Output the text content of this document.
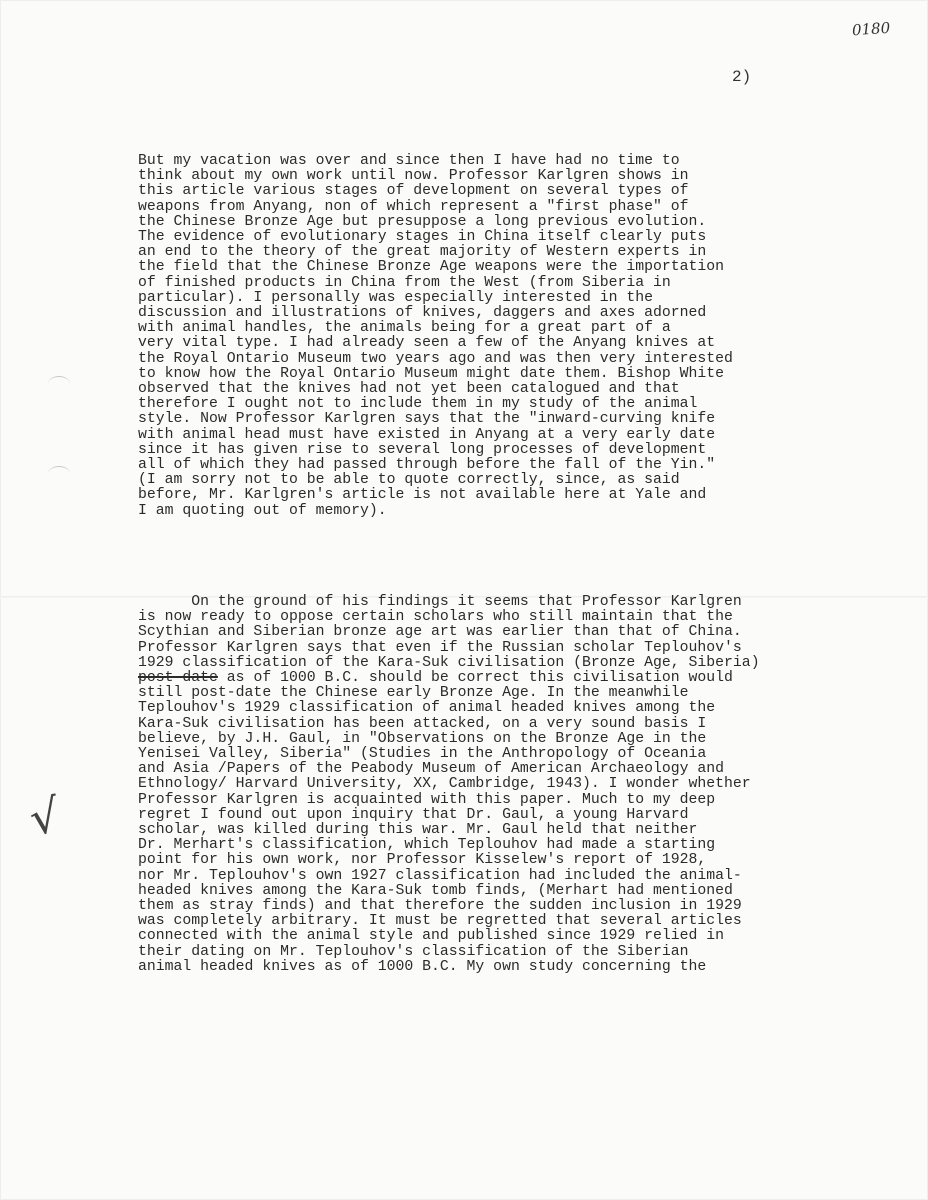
0180
2)
But my vacation was over and since then I have had no time to
think about my own work until now. Professor Karlgren shows in
this article various stages of development on several types of
weapons from Anyang, non of which represent a "first phase" of
the Chinese Bronze Age but presuppose a long previous evolution.
The evidence of evolutionary stages in China itself clearly puts
an end to the theory of the great majority of Western experts in
the field that the Chinese Bronze Age weapons were the importation
of finished products in China from the West (from Siberia in
particular). I personally was especially interested in the
discussion and illustrations of knives, daggers and axes adorned
with animal handles, the animals being for a great part of a
very vital type. I had already seen a few of the Anyang knives at
the Royal Ontario Museum two years ago and was then very interested
to know how the Royal Ontario Museum might date them. Bishop White
observed that the knives had not yet been catalogued and that
therefore I ought not to include them in my study of the animal
style. Now Professor Karlgren says that the "inward-curving knife
with animal head must have existed in Anyang at a very early date
since it has given rise to several long processes of development
all of which they had passed through before the fall of the Yin."
(I am sorry not to be able to quote correctly, since, as said
before, Mr. Karlgren's article is not available here at Yale and
I am quoting out of memory).
On the ground of his findings it seems that Professor Karlgren
is now ready to oppose certain scholars who still maintain that the
Scythian and Siberian bronze age art was earlier than that of China.
Professor Karlgren says that even if the Russian scholar Teplouhov's
1929 classification of the Kara-Suk civilisation (Bronze Age, Siberia)
post-date as of 1000 B.C. should be correct this civilisation would
still post-date the Chinese early Bronze Age. In the meanwhile
Teplouhov's 1929 classification of animal headed knives among the
Kara-Suk civilisation has been attacked, on a very sound basis I
believe, by J.H. Gaul, in "Observations on the Bronze Age in the
Yenisei Valley, Siberia" (Studies in the Anthropology of Oceania
and Asia /Papers of the Peabody Museum of American Archaeology and
Ethnology/ Harvard University, XX, Cambridge, 1943). I wonder whether
Professor Karlgren is acquainted with this paper. Much to my deep
regret I found out upon inquiry that Dr. Gaul, a young Harvard
scholar, was killed during this war. Mr. Gaul held that neither
Dr. Merhart's classification, which Teplouhov had made a starting
point for his own work, nor Professor Kisselew's report of 1928,
nor Mr. Teplouhov's own 1927 classification had included the animal-
headed knives among the Kara-Suk tomb finds, (Merhart had mentioned
them as stray finds) and that therefore the sudden inclusion in 1929
was completely arbitrary. It must be regretted that several articles
connected with the animal style and published since 1929 relied in
their dating on Mr. Teplouhov's classification of the Siberian
animal headed knives as of 1000 B.C. My own study concerning the
√
